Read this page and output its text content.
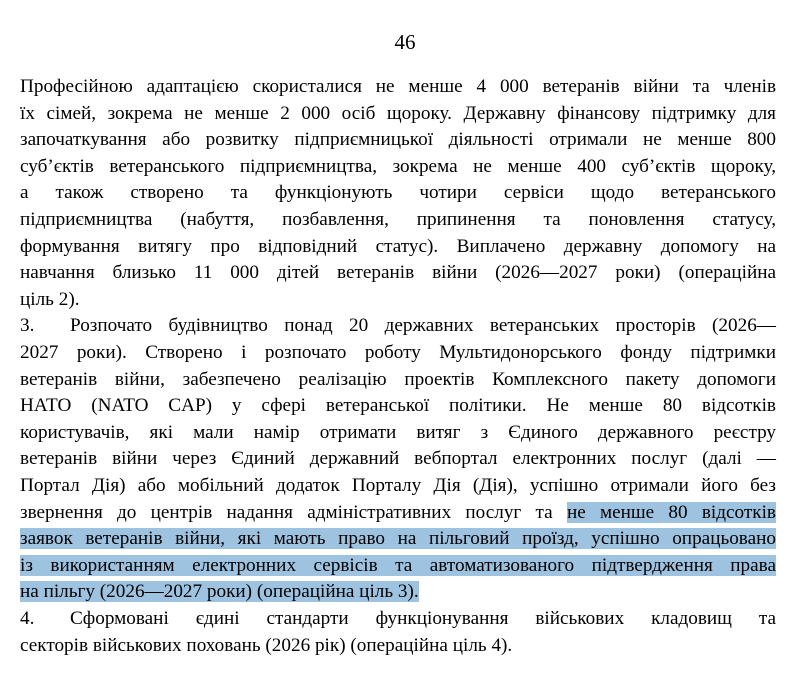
46
Професійною адаптацією скористалися не менше 4 000 ветеранів війни та членів
їх сімей, зокрема не менше 2 000 осіб щороку. Державну фінансову підтримку для
започаткування або розвитку підприємницької діяльності отримали не менше 800
суб’єктів ветеранського підприємництва, зокрема не менше 400 суб’єктів щороку,
а також створено та функціонують чотири сервіси щодо ветеранського
підприємництва (набуття, позбавлення, припинення та поновлення статусу,
формування витягу про відповідний статус). Виплачено державну допомогу на
навчання близько 11 000 дітей ветеранів війни (2026—2027 роки) (операційна
ціль 2).
3. Розпочато будівництво понад 20 державних ветеранських просторів (2026—
2027 роки). Створено і розпочато роботу Мультидонорського фонду підтримки
ветеранів війни, забезпечено реалізацію проектів Комплексного пакету допомоги
НАТО (NATO CAP) у сфері ветеранської політики. Не менше 80 відсотків
користувачів, які мали намір отримати витяг з Єдиного державного реєстру
ветеранів війни через Єдиний державний вебпортал електронних послуг (далі —
Портал Дія) або мобільний додаток Порталу Дія (Дія), успішно отримали його без
звернення до центрів надання адміністративних послуг та не менше 80 відсотків
заявок ветеранів війни, які мають право на пільговий проїзд, успішно опрацьовано
із використанням електронних сервісів та автоматизованого підтвердження права
на пільгу (2026—2027 роки) (операційна ціль 3).
4. Сформовані єдині стандарти функціонування військових кладовищ та
секторів військових поховань (2026 рік) (операційна ціль 4).
